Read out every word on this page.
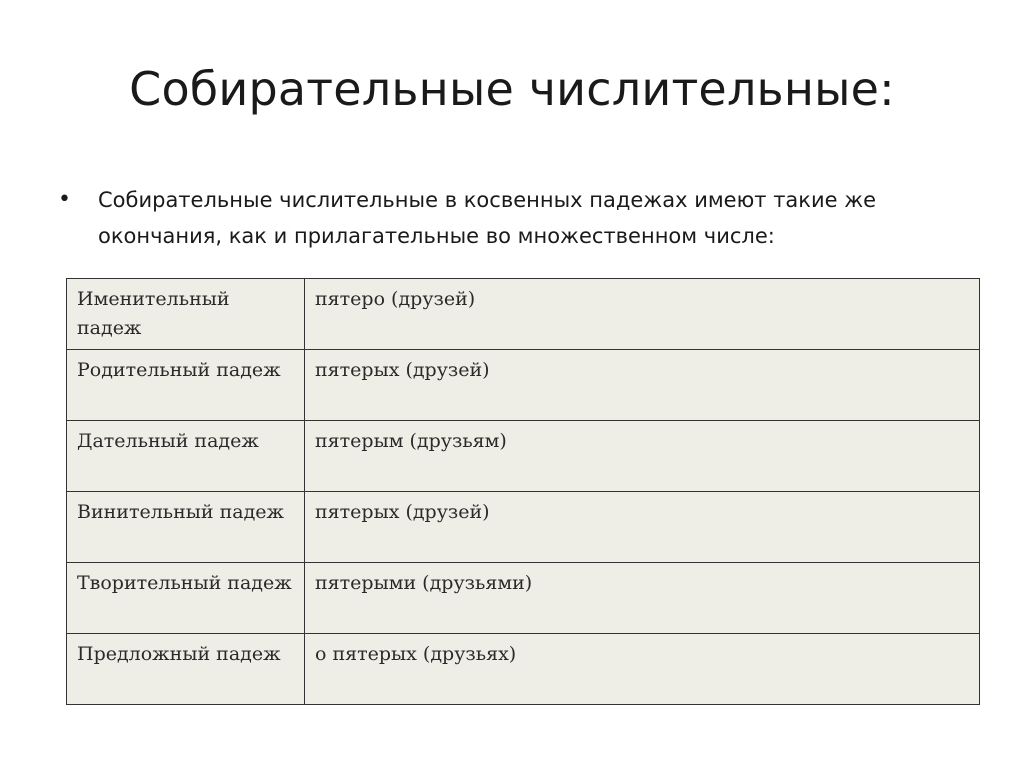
Собирательные числительные:
•	Собирательные числительные в косвенных падежах имеют такие же окончания, как и прилагательные во множественном числе:
Именительный падеж	пятеро (друзей)
Родительный падеж	пятерых (друзей)
Дательный падеж	пятерым (друзьям)
Винительный падеж	пятерых (друзей)
Творительный падеж	пятерыми (друзьями)
Предложный падеж	о пятерых (друзьях)
